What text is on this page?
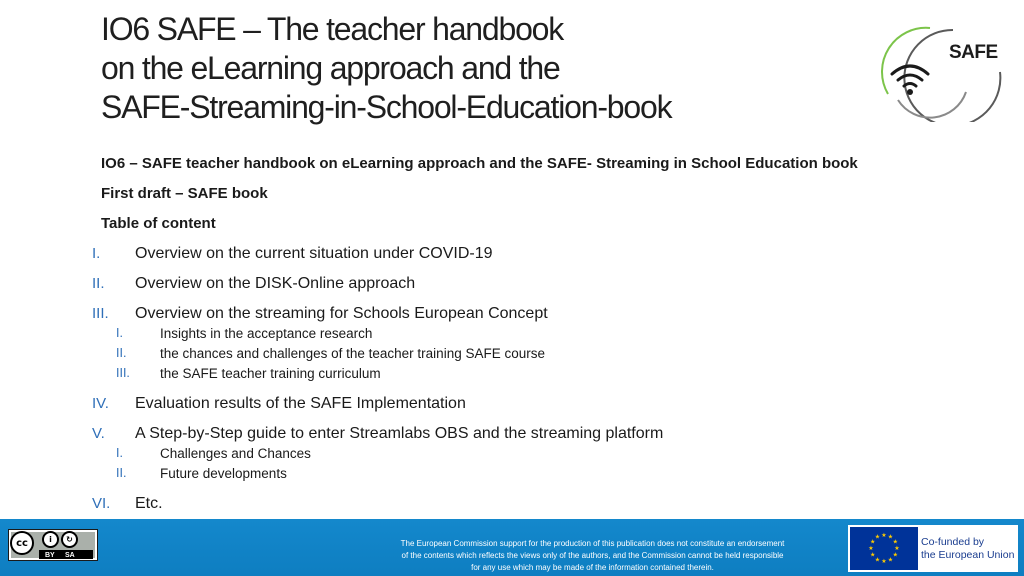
IO6 SAFE – The teacher handbook
on the eLearning approach and the
SAFE-Streaming-in-School-Education-book
SAFE
IO6 – SAFE teacher handbook on eLearning approach and the SAFE- Streaming in School Education book
First draft – SAFE book
Table of content
I. Overview on the current situation under COVID-19
II. Overview on the DISK-Online approach
III. Overview on the streaming for Schools European Concept
I.	Insights in the acceptance research
II. the chances and challenges of the teacher training SAFE course
III. the SAFE teacher training curriculum
IV. Evaluation results of the SAFE Implementation
V. A Step-by-Step guide to enter Streamlabs OBS and the streaming platform
I.	Challenges and Chances
II. Future developments
VI. Etc.
cc	i	↻
BY SA
The European Commission support for the production of this publication does not constitute an endorsement
of the contents which reflects the views only of the authors, and the Commission cannot be held responsible
for any use which may be made of the information contained therein.
★ ★
★
★
★
★
★
★
★
★
★
★	Co-funded by
the European Union
